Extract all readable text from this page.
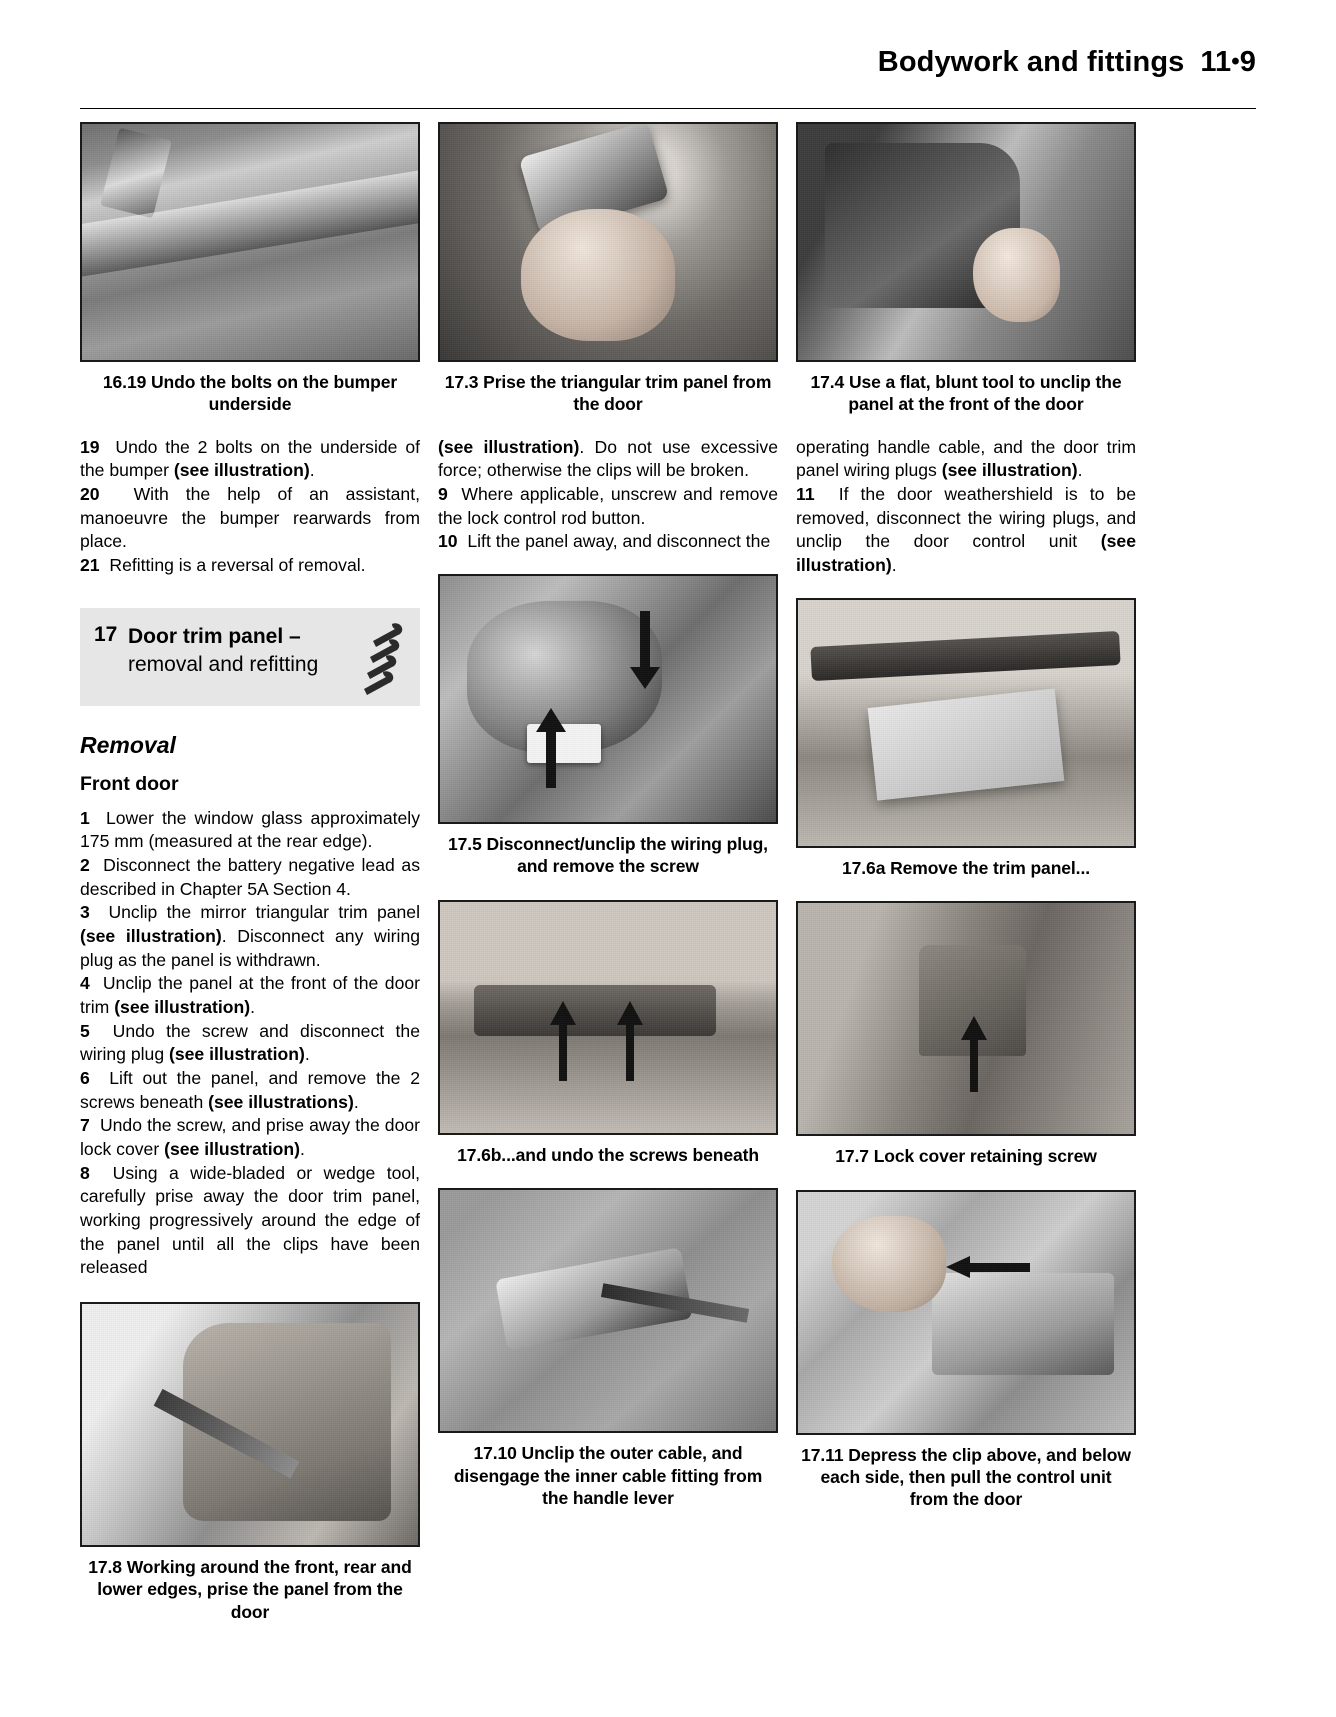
Bodywork and fittings 11•9
16.19 Undo the bolts on the bumper underside

19 Undo the 2 bolts on the underside of the bumper (see illustration).

20 With the help of an assistant, manoeuvre the bumper rearwards from place.

21 Refitting is a reversal of removal.

17 Door trim panel –
removal and refitting
Removal
Front door

1 Lower the window glass approximately 175 mm (measured at the rear edge).

2 Disconnect the battery negative lead as described in Chapter 5A Section 4.

3 Unclip the mirror triangular trim panel (see illustration). Disconnect any wiring plug as the panel is withdrawn.

4 Unclip the panel at the front of the door trim (see illustration).

5 Undo the screw and disconnect the wiring plug (see illustration).

6 Lift out the panel, and remove the 2 screws beneath (see illustrations).

7 Undo the screw, and prise away the door lock cover (see illustration).

8 Using a wide-bladed or wedge tool, carefully prise away the door trim panel, working progressively around the edge of the panel until all the clips have been released

17.8 Working around the front, rear and lower edges, prise the panel from the door
17.3 Prise the triangular trim panel from the door

(see illustration). Do not use excessive force; otherwise the clips will be broken.

9 Where applicable, unscrew and remove the lock control rod button.

10 Lift the panel away, and disconnect the

17.5 Disconnect/unclip the wiring plug, and remove the screw
17.6b...and undo the screws beneath
17.10 Unclip the outer cable, and disengage the inner cable fitting from the handle lever
17.4 Use a flat, blunt tool to unclip the panel at the front of the door

operating handle cable, and the door trim panel wiring plugs (see illustration).

11 If the door weathershield is to be removed, disconnect the wiring plugs, and unclip the door control unit (see illustration).

17.6a Remove the trim panel...
17.7 Lock cover retaining screw
17.11 Depress the clip above, and below each side, then pull the control unit from the door
